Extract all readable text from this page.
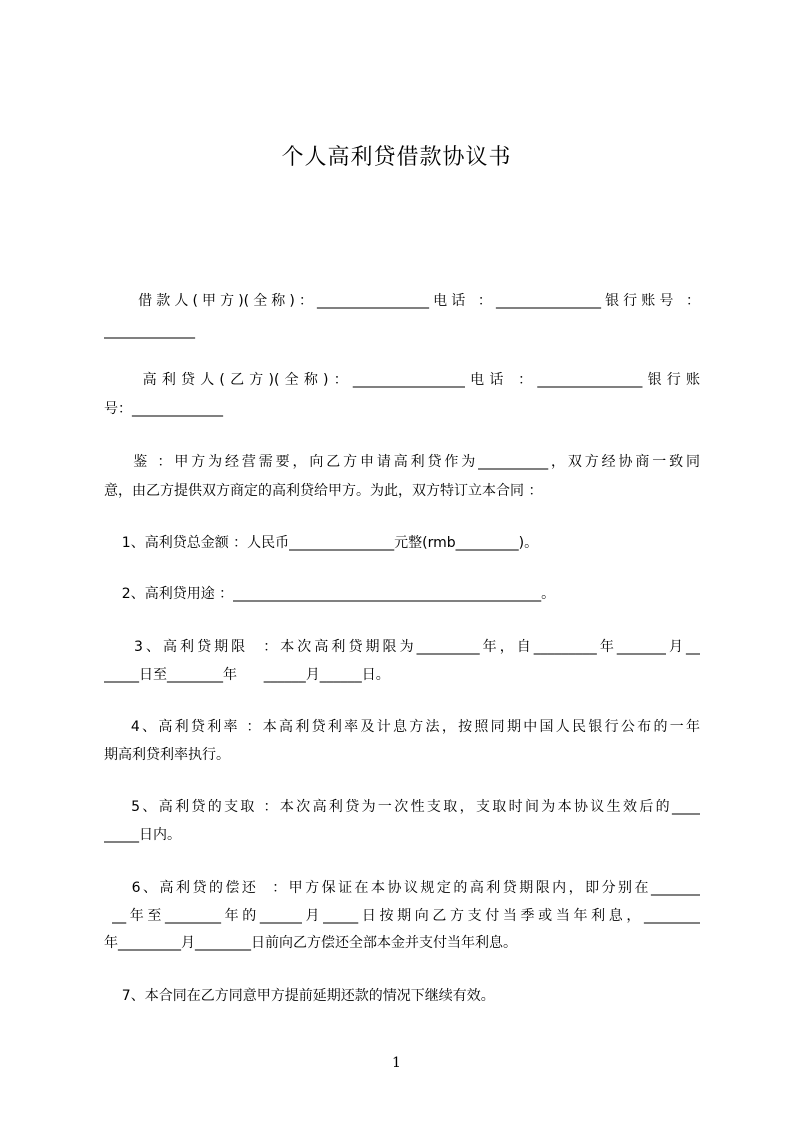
个人高利贷借款协议书
借款人(甲方)(全称)：________________电话 ：_______________银行账号 ：
_____________
高利贷人(乙方)(全称)：________________电话 ：_______________银行账
号：_____________
鉴 ：甲方为经营需要，向乙方申请高利贷作为__________，双方经协商一致同
意，由乙方提供双方商定的高利贷给甲方。为此，双方特订立本合同 ：
1、高利贷总金额 ：人民币_______________元整(rmb_________)。
2、高利贷用途 ：____________________________________________。
3、高利贷期限  ：本次高利贷期限为_________年，自_________年_______月__
_____日至________年      ______月______日。
4、高利贷利率 ：本高利贷利率及计息方法，按照同期中国人民银行公布的一年
期高利贷利率执行。
5、高利贷的支取 ：本次高利贷为一次性支取，支取时间为本协议生效后的____
_____日内。
6、高利贷的偿还  ：甲方保证在本协议规定的高利贷期限内，即分别在_______
__年至________年的______月_____日按期向乙方支付当季或当年利息，________
年_________月________日前向乙方偿还全部本金并支付当年利息。
7、本合同在乙方同意甲方提前延期还款的情况下继续有效。
1
